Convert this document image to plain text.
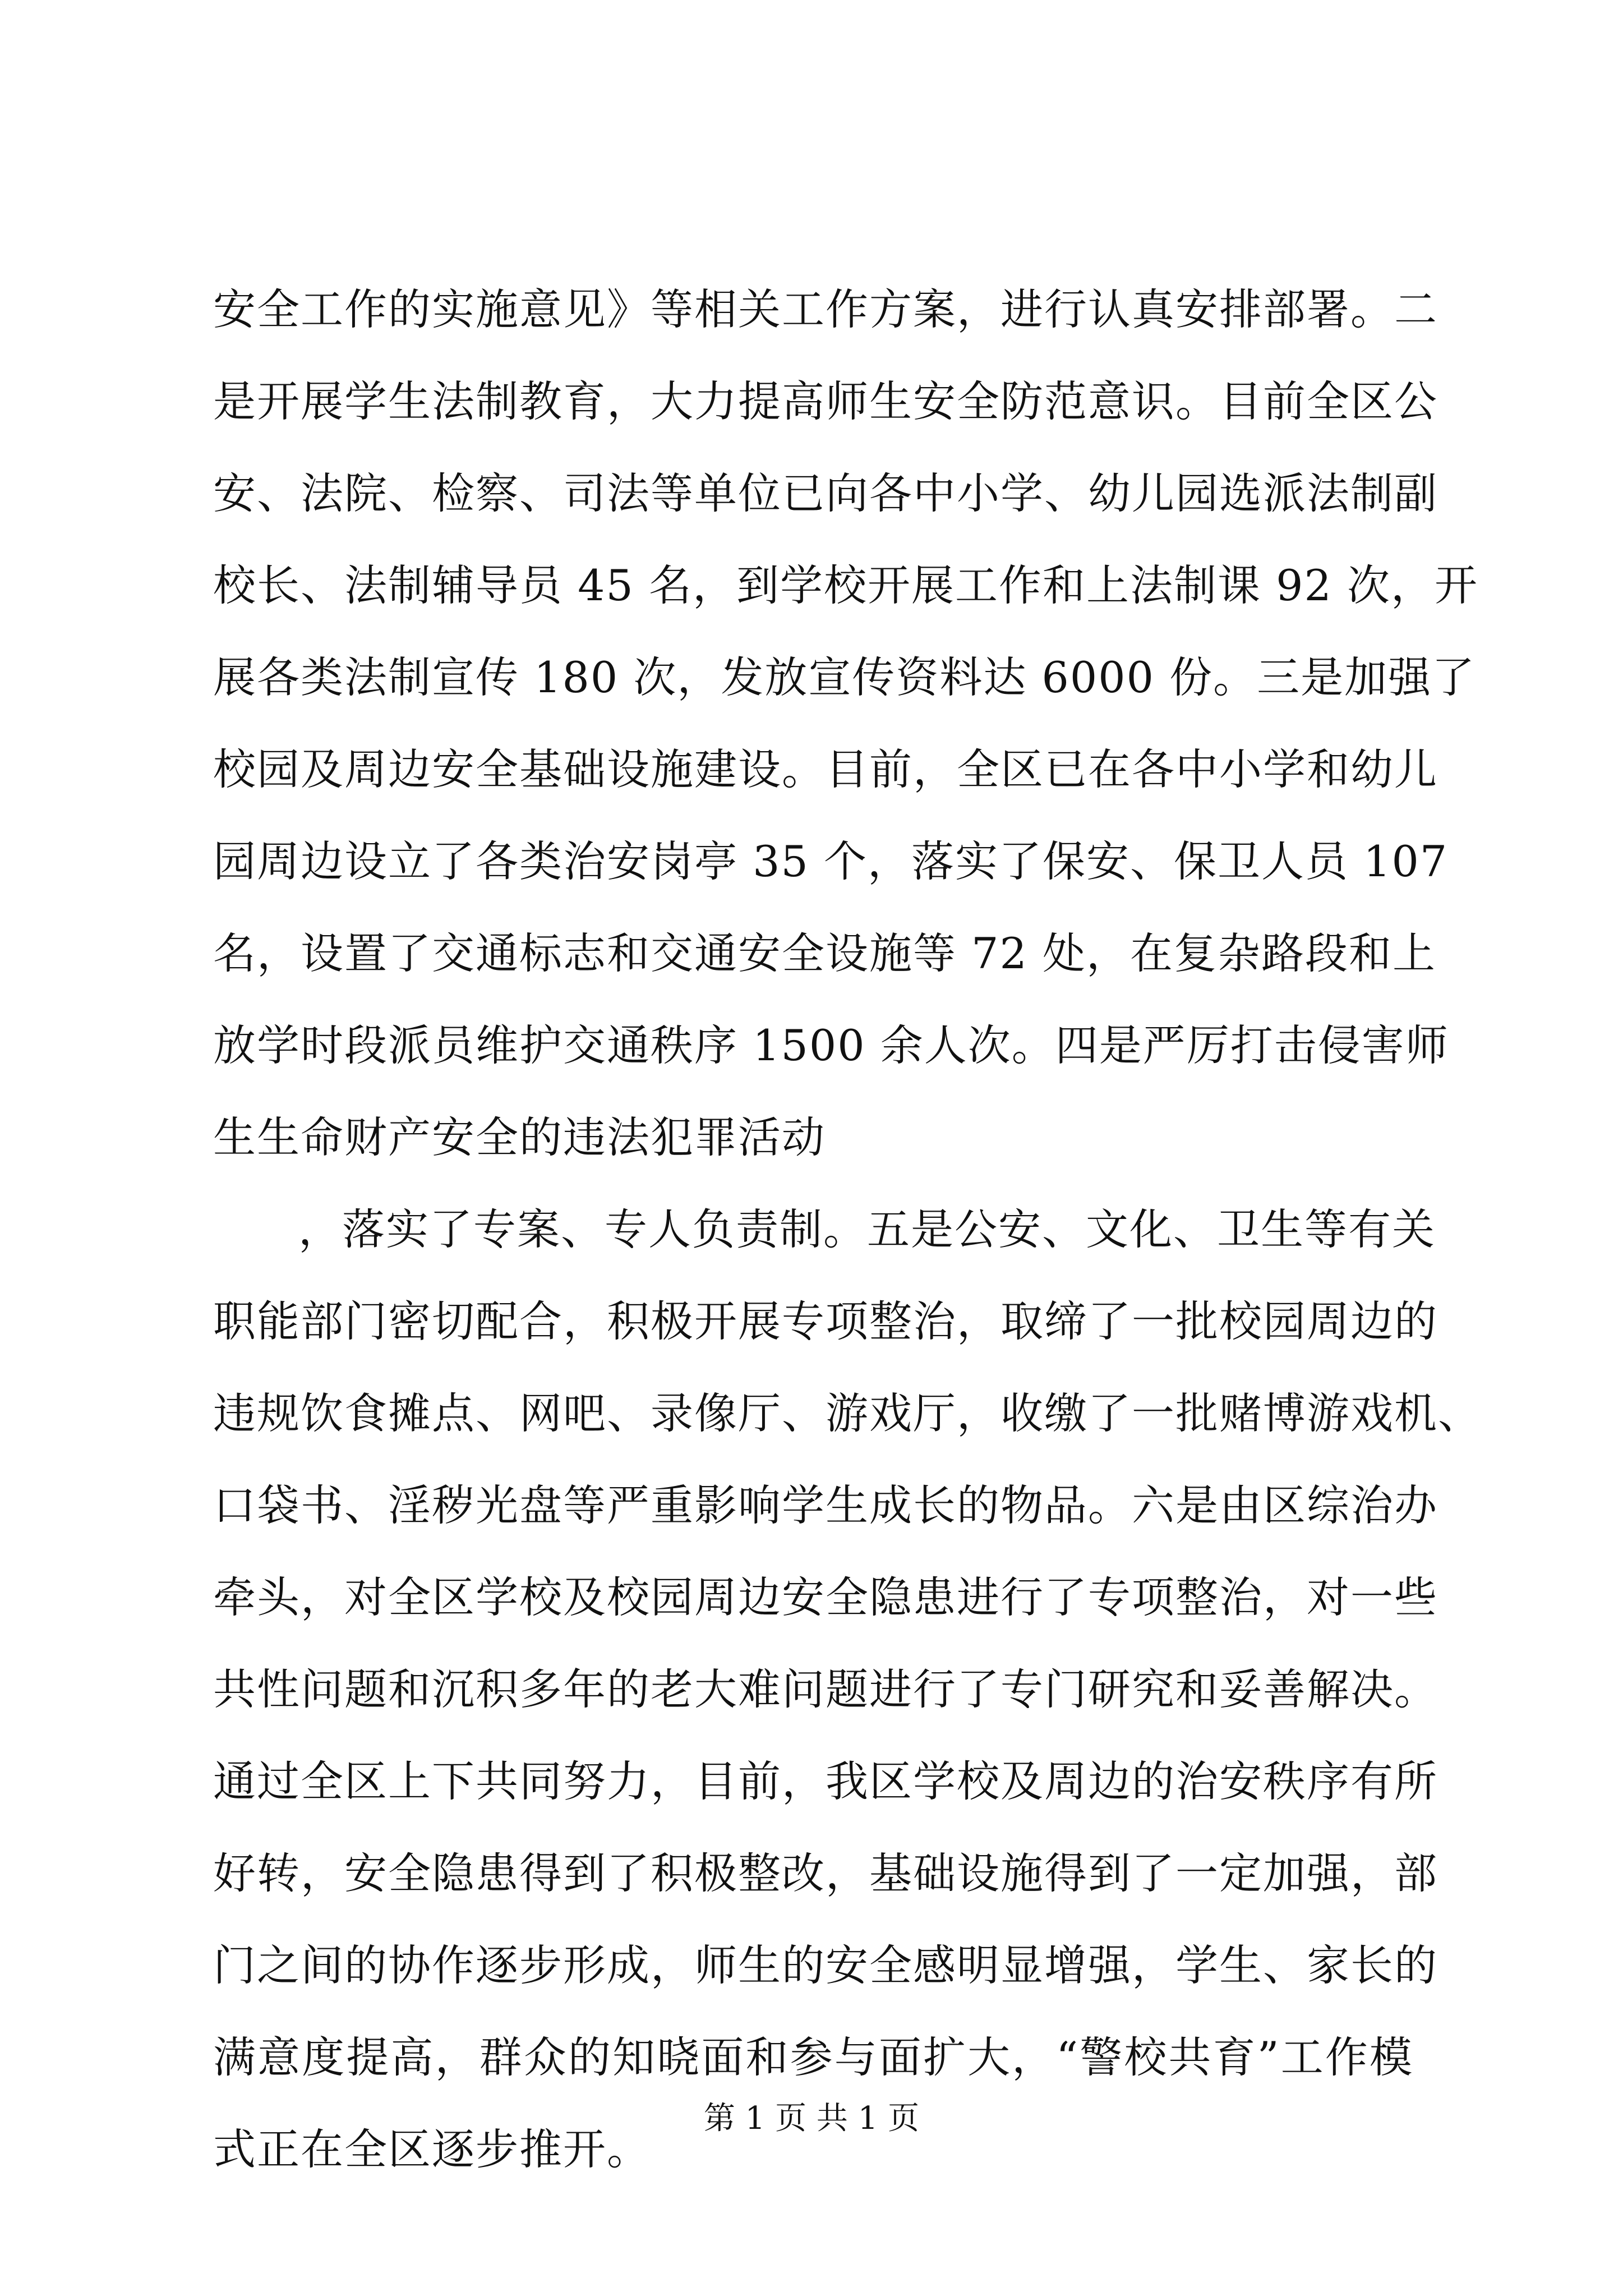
安全工作的实施意见》等相关工作方案，进行认真安排部署。二
是开展学生法制教育，大力提高师生安全防范意识。目前全区公
安、法院、检察、司法等单位已向各中小学、幼儿园选派法制副
校长、法制辅导员 45 名，到学校开展工作和上法制课 92 次，开
展各类法制宣传 180 次，发放宣传资料达 6000 份。三是加强了
校园及周边安全基础设施建设。目前，全区已在各中小学和幼儿
园周边设立了各类治安岗亭 35 个，落实了保安、保卫人员 107
名，设置了交通标志和交通安全设施等 72 处，在复杂路段和上
放学时段派员维护交通秩序 1500 余人次。四是严厉打击侵害师
生生命财产安全的违法犯罪活动
，落实了专案、专人负责制。五是公安、文化、卫生等有关
职能部门密切配合，积极开展专项整治，取缔了一批校园周边的
违规饮食摊点、网吧、录像厅、游戏厅，收缴了一批赌博游戏机、
口袋书、淫秽光盘等严重影响学生成长的物品。六是由区综治办
牵头，对全区学校及校园周边安全隐患进行了专项整治，对一些
共性问题和沉积多年的老大难问题进行了专门研究和妥善解决。
通过全区上下共同努力，目前，我区学校及周边的治安秩序有所
好转，安全隐患得到了积极整改，基础设施得到了一定加强，部
门之间的协作逐步形成，师生的安全感明显增强，学生、家长的
满意度提高，群众的知晓面和参与面扩大，“警校共育”工作模
式正在全区逐步推开。
第 1 页 共 1 页
